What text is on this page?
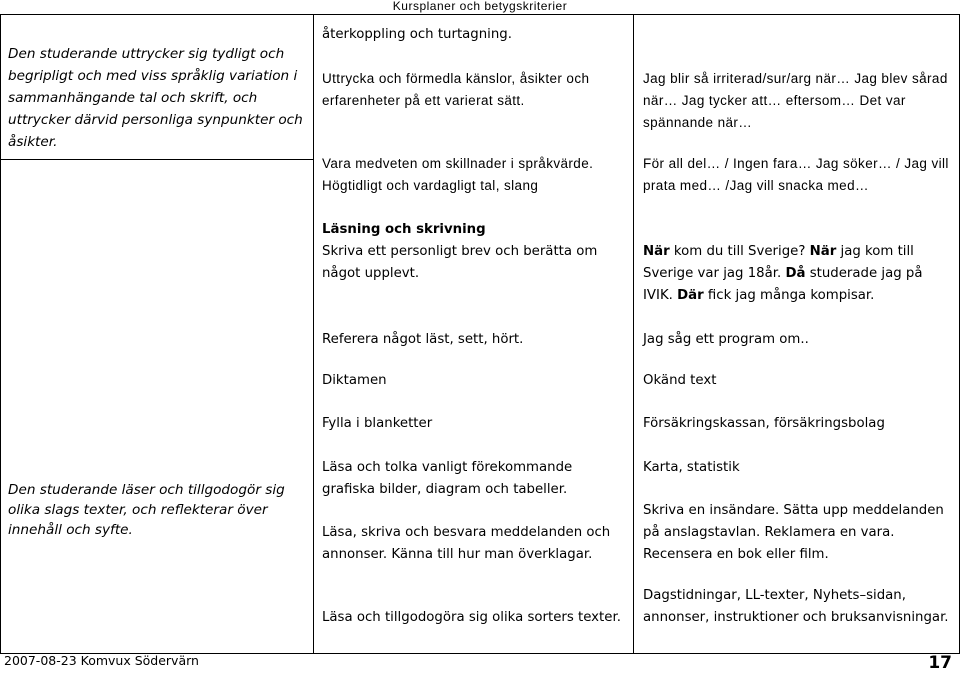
Kursplaner och betygskriterier
Den studerande uttrycker sig tydligt och begripligt och med viss språklig variation i sammanhängande tal och skrift, och uttrycker därvid personliga synpunkter och åsikter.
Den studerande läser och tillgodogör sig olika slags texter, och reflekterar över innehåll och syfte.
återkoppling och turtagning.
Uttrycka och förmedla känslor, åsikter och erfarenheter på ett varierat sätt.
Vara medveten om skillnader i språkvärde.
Högtidligt och vardagligt tal, slang
Läsning och skrivning
Skriva ett personligt brev och berätta om något upplevt.
Referera något läst, sett, hört.
Diktamen
Fylla i blanketter
Läsa och tolka vanligt förekommande grafiska bilder, diagram och tabeller.
Läsa, skriva och besvara meddelanden och annonser. Känna till hur man överklagar.
Läsa och tillgodogöra sig olika sorters texter.
Jag blir så irriterad/sur/arg när… Jag blev sårad när… Jag tycker att… eftersom… Det var spännande när…
För all del… / Ingen fara… Jag söker… / Jag vill prata med… /Jag vill snacka med…
När kom du till Sverige? När jag kom till Sverige var jag 18år. Då studerade jag på IVIK. Där fick jag många kompisar.
Jag såg ett program om..
Okänd text
Försäkringskassan, försäkringsbolag
Karta, statistik
Skriva en insändare. Sätta upp meddelanden på anslagstavlan. Reklamera en vara. Recensera en bok eller film.
Dagstidningar, LL-texter, Nyhets–sidan, annonser, instruktioner och bruksanvisningar.
2007-08-23 Komvux Södervärn	17
